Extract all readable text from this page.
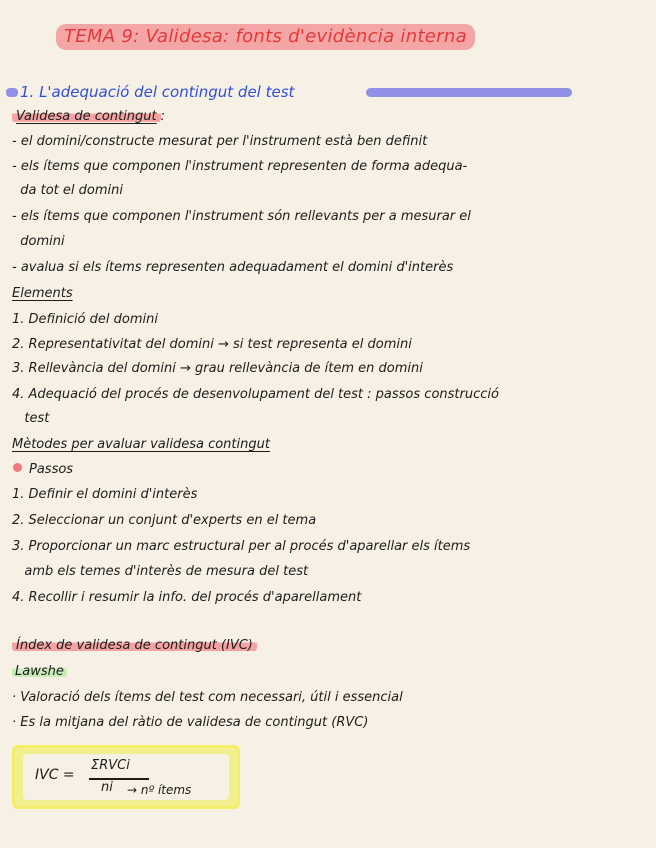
TEMA 9: Validesa: fonts d'evidència interna
1. L'adequació del contingut del test
Validesa de contingut :
- el domini/constructe mesurat per l'instrument està ben definit
- els ítems que componen l'instrument representen de forma adequa-
da tot el domini
- els ítems que componen l'instrument són rellevants per a mesurar el
domini
- avalua si els ítems representen adequadament el domini d'interès
Elements
1. Definició del domini
2. Representativitat del domini → si test representa el domini
3. Rellevància del domini → grau rellevància de ítem en domini
4. Adequació del procés de desenvolupament del test : passos construcció
test
Mètodes per avaluar validesa contingut
Passos
1. Definir el domini d'interès
2. Seleccionar un conjunt d'experts en el tema
3. Proporcionar un marc estructural per al procés d'aparellar els ítems
amb els temes d'interès de mesura del test
4. Recollir i resumir la info. del procés d'aparellament
Índex de validesa de contingut (IVC)
Lawshe
· Valoració dels ítems del test com necessari, útil i essencial
· Es la mitjana del ràtio de validesa de contingut (RVC)
IVC =
ΣRVCi
ni → nº ítems
